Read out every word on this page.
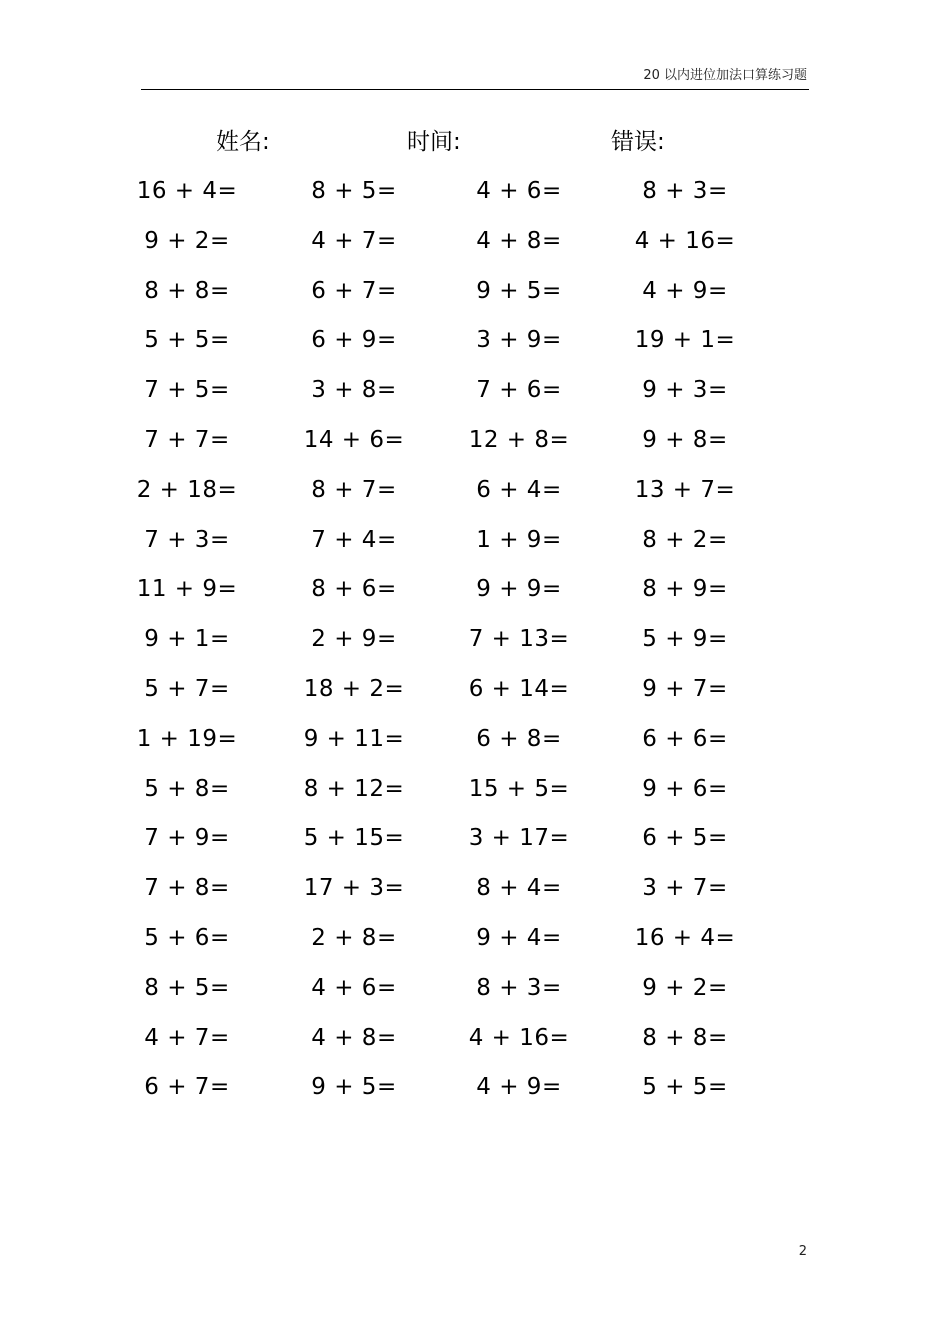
20 以内进位加法口算练习题
姓名:	时间:	错误:
16 + 4=	8 + 5=	4 + 6=	8 + 3=
9 + 2=	4 + 7=	4 + 8=	4 + 16=
8 + 8=	6 + 7=	9 + 5=	4 + 9=
5 + 5=	6 + 9=	3 + 9=	19 + 1=
7 + 5=	3 + 8=	7 + 6=	9 + 3=
7 + 7=	14 + 6=	12 + 8=	9 + 8=
2 + 18=	8 + 7=	6 + 4=	13 + 7=
7 + 3=	7 + 4=	1 + 9=	8 + 2=
11 + 9=	8 + 6=	9 + 9=	8 + 9=
9 + 1=	2 + 9=	7 + 13=	5 + 9=
5 + 7=	18 + 2=	6 + 14=	9 + 7=
1 + 19=	9 + 11=	6 + 8=	6 + 6=
5 + 8=	8 + 12=	15 + 5=	9 + 6=
7 + 9=	5 + 15=	3 + 17=	6 + 5=
7 + 8=	17 + 3=	8 + 4=	3 + 7=
5 + 6=	2 + 8=	9 + 4=	16 + 4=
8 + 5=	4 + 6=	8 + 3=	9 + 2=
4 + 7=	4 + 8=	4 + 16=	8 + 8=
6 + 7=	9 + 5=	4 + 9=	5 + 5=
2
